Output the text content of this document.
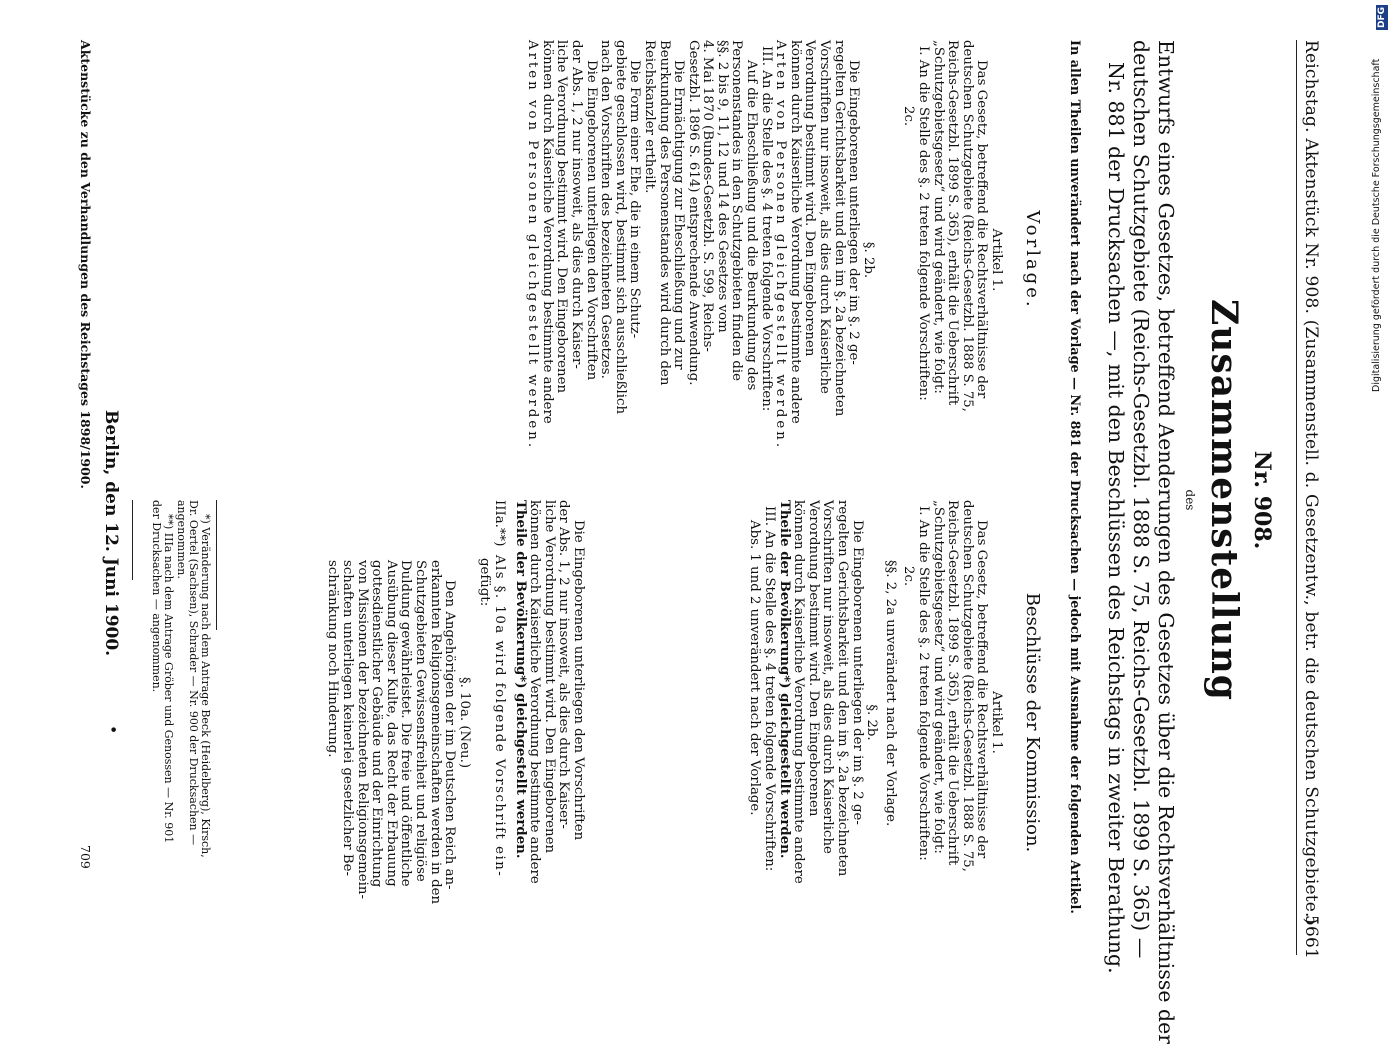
Reichstag. Aktenstück Nr. 908. (Zusammenstell. d. Gesetzentw., betr. die deutschen Schutzgebiete.)
5661
Nr. 908.
Zusammenstellung
des

Entwurfs eines Gesetzes, betreffend Aenderungen des Gesetzes über die Rechtsverhältnisse der

deutschen Schutzgebiete (Reichs-Gesetzbl. 1888 S. 75, Reichs-Gesetzbl. 1899 S. 365) —

Nr. 881 der Drucksachen —, mit den Beschlüssen des Reichstags in zweiter Berathung.

In allen Theilen unverändert nach der Vorlage — Nr. 881 der Drucksachen — jedoch mit Ausnahme der folgenden Artikel.
Vorlage.
Beschlüsse der Kommission.

Artikel 1.

Das Gesetz, betreffend die Rechtsverhältnisse der

deutschen Schutzgebiete (Reichs-Gesetzbl. 1888 S. 75,

Reichs-Gesetzbl. 1899 S. 365), erhält die Ueberschrift

„Schutzgebietsgesetz“ und wird geändert, wie folgt:

I. An die Stelle des §. 2 treten folgende Vorschriften:

2c.

§. 2b.

Die Eingeborenen unterliegen der im §. 2 ge-

regelten Gerichtsbarkeit und den im §. 2a bezeichneten

Vorschriften nur insoweit, als dies durch Kaiserliche

Verordnung bestimmt wird. Den Eingeborenen

können durch Kaiserliche Verordnung bestimmte andere

Arten von Personen gleichgestellt werden.

III. An die Stelle des §. 4 treten folgende Vorschriften:

Auf die Eheschließung und die Beurkundung des

Personenstandes in den Schutzgebieten finden die

§§. 2 bis 9, 11, 12 und 14 des Gesetzes vom

4. Mai 1870 (Bundes-Gesetzbl. S. 599, Reichs-

Gesetzbl. 1896 S. 614) entsprechende Anwendung.

Die Ermächtigung zur Eheschließung und zur

Beurkundung des Personenstandes wird durch den

Reichskanzler ertheilt.

Die Form einer Ehe, die in einem Schutz-

gebiete geschlossen wird, bestimmt sich ausschließlich

nach den Vorschriften des bezeichneten Gesetzes.

Die Eingeborenen unterliegen den Vorschriften

der Abs. 1, 2 nur insoweit, als dies durch Kaiser-

liche Verordnung bestimmt wird. Den Eingeborenen

können durch Kaiserliche Verordnung bestimmte andere

Arten von Personen gleichgestellt werden.

Artikel 1.

Das Gesetz, betreffend die Rechtsverhältnisse der

deutschen Schutzgebiete (Reichs-Gesetzbl. 1888 S. 75,

Reichs-Gesetzbl. 1899 S. 365), erhält die Ueberschrift

„Schutzgebietsgesetz“ und wird geändert, wie folgt:

I. An die Stelle des §. 2 treten folgende Vorschriften:

2c.

§§. 2, 2a unverändert nach der Vorlage.

§. 2b.

Die Eingeborenen unterliegen der im §. 2 ge-

regelten Gerichtsbarkeit und den im §. 2a bezeichneten

Vorschriften nur insoweit, als dies durch Kaiserliche

Verordnung bestimmt wird. Den Eingeborenen

können durch Kaiserliche Verordnung bestimmte andere

Theile der Bevölkerung*) gleichgestellt werden.

III. An die Stelle des §. 4 treten folgende Vorschriften:

Abs. 1 und 2 unverändert nach der Vorlage.

Die Eingeborenen unterliegen den Vorschriften

der Abs. 1, 2 nur insoweit, als dies durch Kaiser-

liche Verordnung bestimmt wird. Den Eingeborenen

können durch Kaiserliche Verordnung bestimmte andere

Theile der Bevölkerung*) gleichgestellt werden.

IIIa.**)  Als §. 10a wird folgende Vorschrift ein-

gefügt:

§. 10a. (Neu.)

Den Angehörigen der im Deutschen Reich an-

erkannten Religionsgemeinschaften werden in den

Schutzgebieten Gewissensfreiheit und religiöse

Duldung gewährleistet. Die freie und öffentliche

Ausübung dieser Kulte, das Recht der Erbauung

gottesdienstlicher Gebäude und der Einrichtung

von Missionen der bezeichneten Religionsgemein-

schaften unterliegen keinerlei gesetzlicher Be-

schränkung noch Hinderung.

*) Veränderung nach dem Antrage Beck (Heidelberg), Kirsch,

Dr. Oertel (Sachsen), Schrader — Nr. 900 der Drucksachen —

angenommen.

**) IIIa nach dem Antrage Gröber und Genossen — Nr. 901

der Drucksachen — angenommen.

Berlin, den 12. Juni 1900.
●
Aktenstücke zu den Verhandlungen des Reichstages 1898/1900.
709
Digitalisierung gefördert durch die Deutsche Forschungsgemeinschaft
DFG
